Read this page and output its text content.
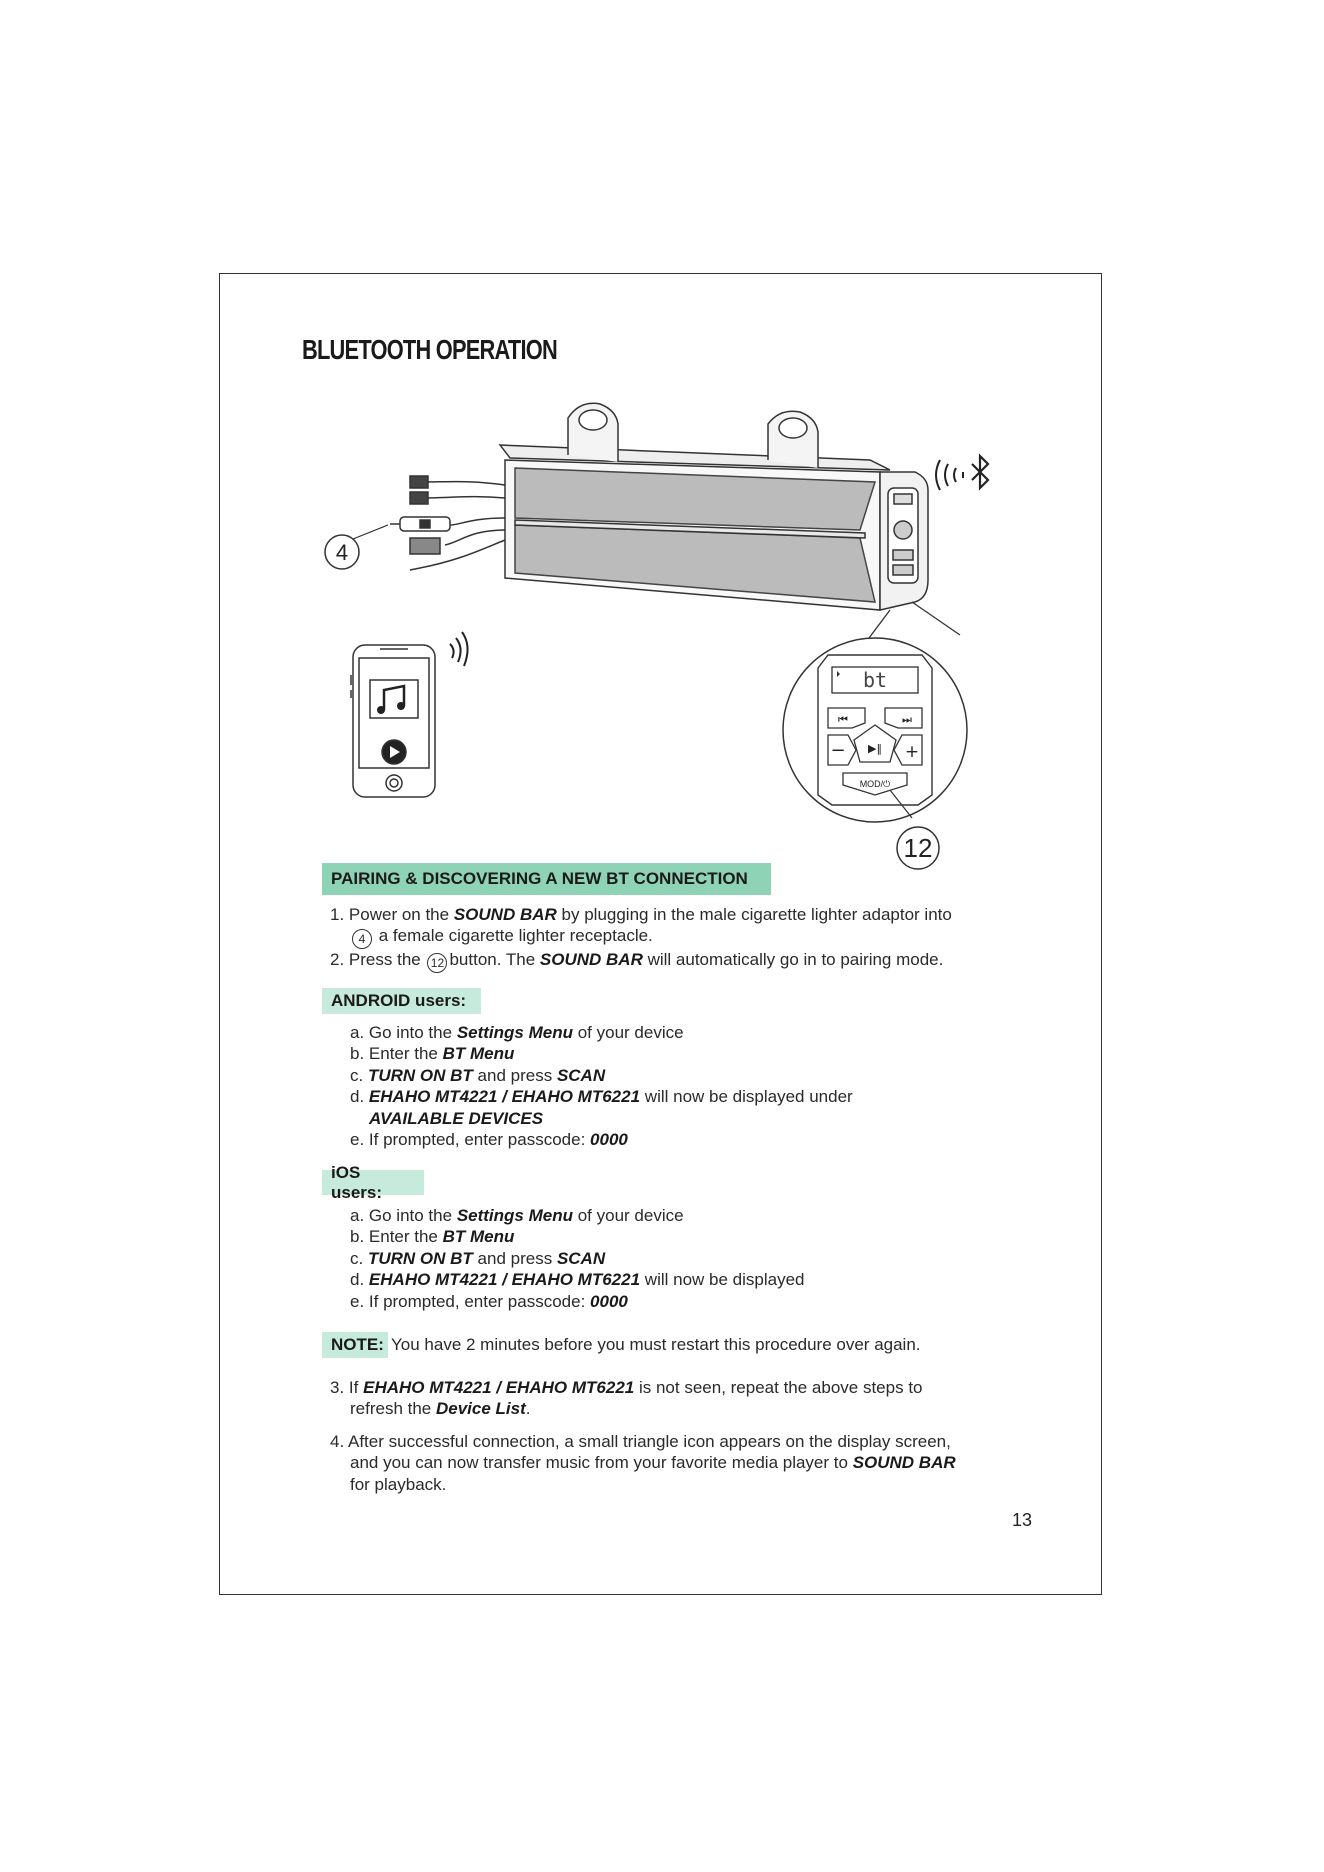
BLUETOOTH OPERATION
4
bt
⏮	⏭
−	+
▶‖
MOD/⏻
12
PAIRING & DISCOVERING A NEW BT CONNECTION

1. Power on the SOUND BAR by plugging in the male cigarette lighter adaptor into

4 a female cigarette lighter receptacle.

2. Press the 12 button. The SOUND BAR will automatically go in to pairing mode.

ANDROID users:

a. Go into the Settings Menu of your device

b. Enter the BT Menu

c. TURN ON BT and press SCAN

d. EHAHO MT4221 / EHAHO MT6221 will now be displayed under

AVAILABLE DEVICES

e. If prompted, enter passcode: 0000

iOS users:

a. Go into the Settings Menu of your device

b. Enter the BT Menu

c. TURN ON BT and press SCAN

d. EHAHO MT4221 / EHAHO MT6221 will now be displayed

e. If prompted, enter passcode: 0000

NOTE: You have 2 minutes before you must restart this procedure over again.

3. If EHAHO MT4221 / EHAHO MT6221 is not seen, repeat the above steps to

refresh the Device List.

4. After successful connection, a small triangle icon appears on the display screen,

and you can now transfer music from your favorite media player to SOUND BAR

for playback.

13
